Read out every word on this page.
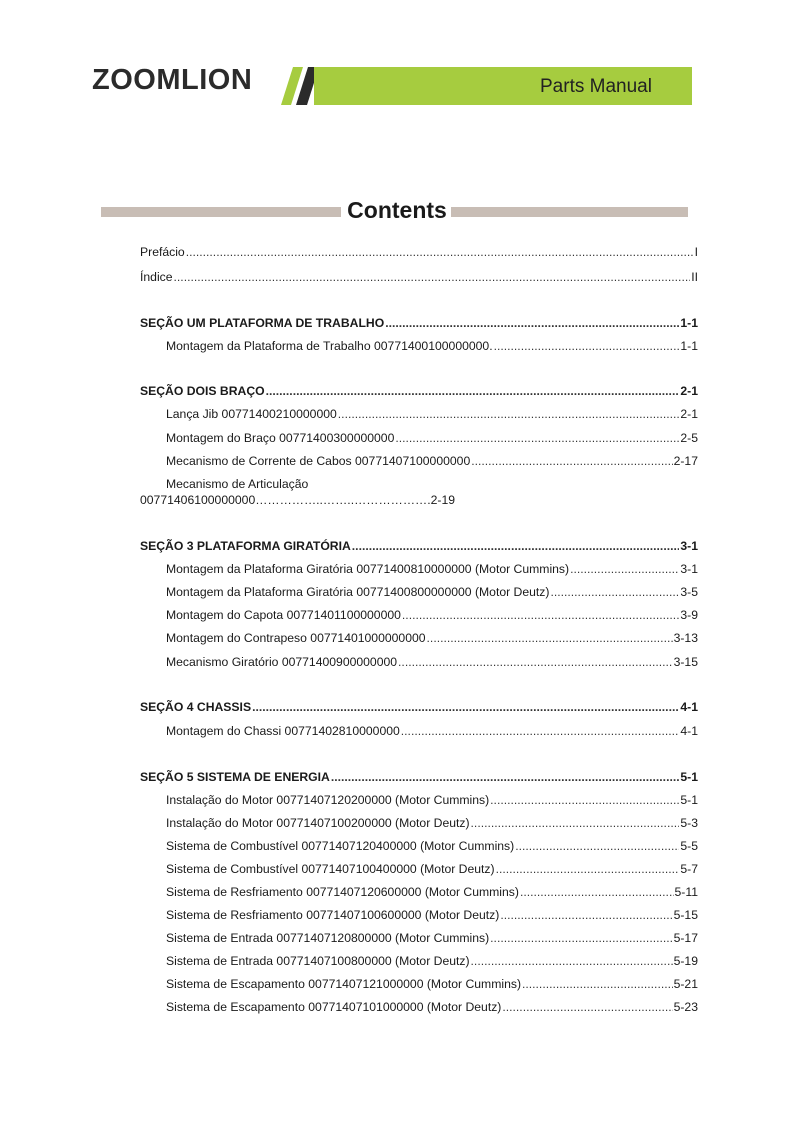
ZOOMLION	Parts Manual
Contents
Prefácio .....	I
Índice .....	II
SEÇÃO UM PLATAFORMA DE TRABALHO .....	1-1
Montagem da Plataforma de Trabalho 00771400100000000. .....	1-1
SEÇÃO DOIS BRAÇO .....	2-1
Lança Jib 00771400210000000 .....	2-1
Montagem do Braço 00771400300000000 .....	2-5
Mecanismo de Corrente de Cabos 00771407100000000 .....	2-17
Mecanismo de Articulação
00771406100000000……………..……..……………….2-19
SEÇÃO 3 PLATAFORMA GIRATÓRIA .....	3-1
Montagem da Plataforma Giratória 00771400810000000 (Motor Cummins) .....	3-1
Montagem da Plataforma Giratória 00771400800000000 (Motor Deutz) .....	3-5
Montagem do Capota 00771401100000000 .....	3-9
Montagem do Contrapeso 00771401000000000 .....	3-13
Mecanismo Giratório 00771400900000000 .....	3-15
SEÇÃO 4 CHASSIS .....	4-1
Montagem do Chassi 00771402810000000 .....	4-1
SEÇÃO 5 SISTEMA DE ENERGIA .....	5-1
Instalação do Motor 00771407120200000 (Motor Cummins) .....	5-1
Instalação do Motor 00771407100200000 (Motor Deutz) .....	5-3
Sistema de Combustível 00771407120400000 (Motor Cummins) .....	5-5
Sistema de Combustível 00771407100400000 (Motor Deutz) .....	5-7
Sistema de Resfriamento 00771407120600000 (Motor Cummins) .....	5-11
Sistema de Resfriamento 00771407100600000 (Motor Deutz) .....	5-15
Sistema de Entrada 00771407120800000 (Motor Cummins) .....	5-17
Sistema de Entrada 00771407100800000 (Motor Deutz) .....	5-19
Sistema de Escapamento 00771407121000000 (Motor Cummins) .....	5-21
Sistema de Escapamento 00771407101000000 (Motor Deutz) .....	5-23
